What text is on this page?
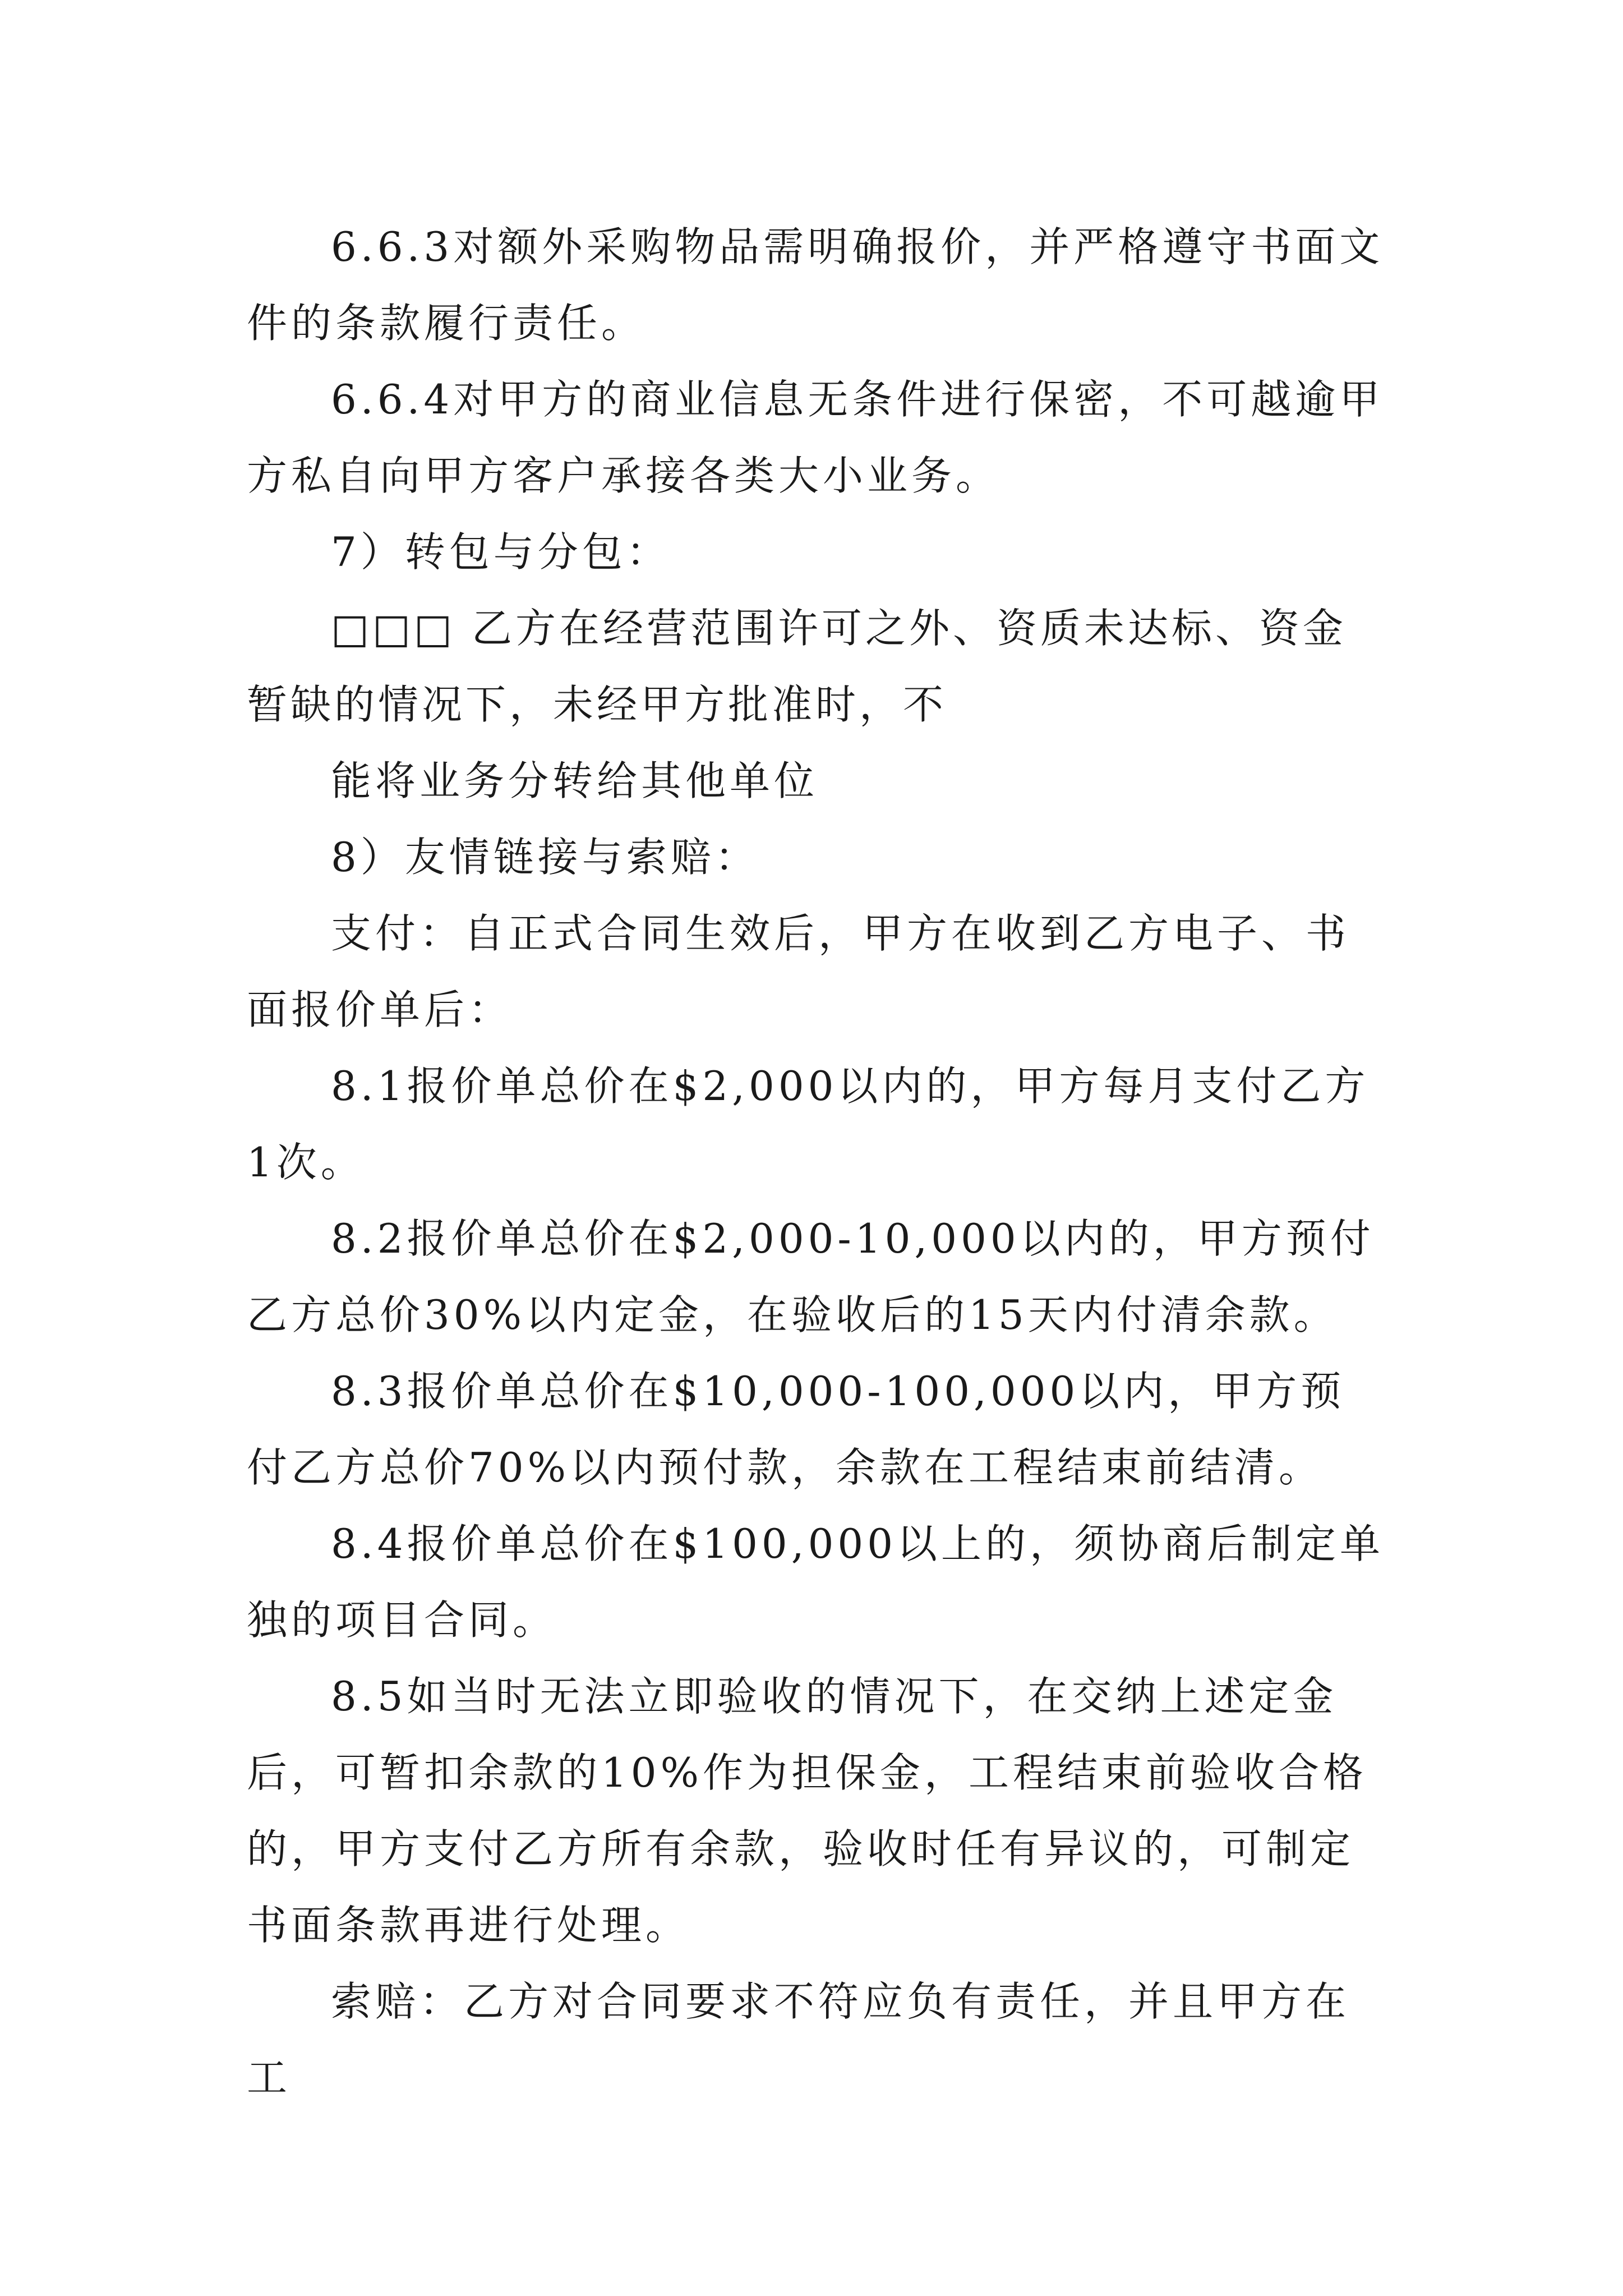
6.6.3对额外采购物品需明确报价，并严格遵守书面文件的条款履行责任。

6.6.4对甲方的商业信息无条件进行保密，不可越逾甲方私自向甲方客户承接各类大小业务。

7）转包与分包：

□□□ 乙方在经营范围许可之外、资质未达标、资金暂缺的情况下，未经甲方批准时，不

能将业务分转给其他单位

8）友情链接与索赔：

支付：自正式合同生效后，甲方在收到乙方电子、书面报价单后：

8.1报价单总价在$2,000以内的，甲方每月支付乙方1次。

8.2报价单总价在$2,000-10,000以内的，甲方预付乙方总价30%以内定金，在验收后的15天内付清余款。

8.3报价单总价在$10,000-100,000以内，甲方预付乙方总价70%以内预付款，余款在工程结束前结清。

8.4报价单总价在$100,000以上的，须协商后制定单独的项目合同。

8.5如当时无法立即验收的情况下，在交纳上述定金后，可暂扣余款的10%作为担保金，工程结束前验收合格的，甲方支付乙方所有余款，验收时任有异议的，可制定书面条款再进行处理。

索赔：乙方对合同要求不符应负有责任，并且甲方在工
